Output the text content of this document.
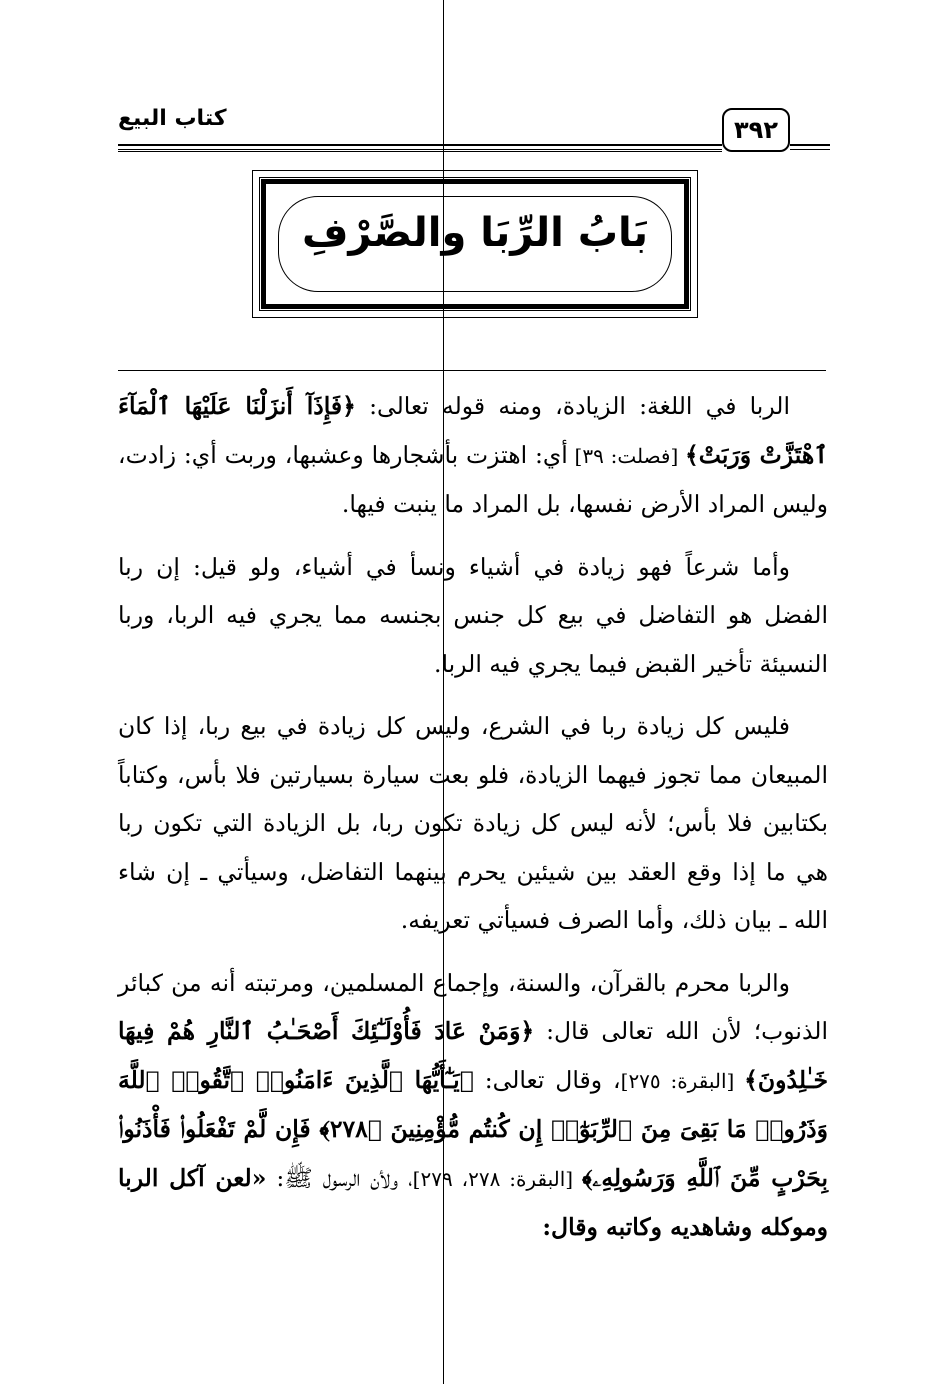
كتاب البيع	٣٩٢
بَابُ الرِّبَا والصَّرْفِ

الربا في اللغة: الزيادة، ومنه قوله تعالى: ﴿فَإِذَآ أَنزَلْنَا عَلَيْهَا ٱلْمَآءَ ٱهْتَزَّتْ وَرَبَتْ﴾ [فصلت: ٣٩] أي: اهتزت بأشجارها وعشبها، وربت أي: زادت، وليس المراد الأرض نفسها، بل المراد ما ينبت فيها.

وأما شرعاً فهو زيادة في أشياء ونسأ في أشياء، ولو قيل: إن ربا الفضل هو التفاضل في بيع كل جنس بجنسه مما يجري فيه الربا، وربا النسيئة تأخير القبض فيما يجري فيه الربا.

فليس كل زيادة ربا في الشرع، وليس كل زيادة في بيع ربا، إذا كان المبيعان مما تجوز فيهما الزيادة، فلو بعت سيارة بسيارتين فلا بأس، وكتاباً بكتابين فلا بأس؛ لأنه ليس كل زيادة تكون ربا، بل الزيادة التي تكون ربا هي ما إذا وقع العقد بين شيئين يحرم بينهما التفاضل، وسيأتي ـ إن شاء الله ـ بيان ذلك، وأما الصرف فسيأتي تعريفه.

والربا محرم بالقرآن، والسنة، وإجماع المسلمين، ومرتبته أنه من كبائر الذنوب؛ لأن الله تعالى قال: ﴿وَمَنْ عَادَ فَأُوْلَـٰٓئِكَ أَصْحَـٰبُ ٱلنَّارِ هُمْ فِيهَا خَـٰلِدُونَ﴾ [البقرة: ٢٧٥]، وقال تعالى: ﴿يَـٰٓأَيُّهَا ٱلَّذِينَ ءَامَنُوا۟ ٱتَّقُوا۟ ٱللَّهَ وَذَرُوا۟ مَا بَقِىَ مِنَ ٱلرِّبَوٰٓا۟ إِن كُنتُم مُّؤْمِنِينَ ﴿٢٧٨﴾ فَإِن لَّمْ تَفْعَلُوا۟ فَأْذَنُوا۟ بِحَرْبٍ مِّنَ ٱللَّهِ وَرَسُولِهِۦ﴾ [البقرة: ٢٧٨، ٢٧٩]، ولأن الرسول ﷺ: «لعن آكل الربا وموكله وشاهديه وكاتبه وقال:
